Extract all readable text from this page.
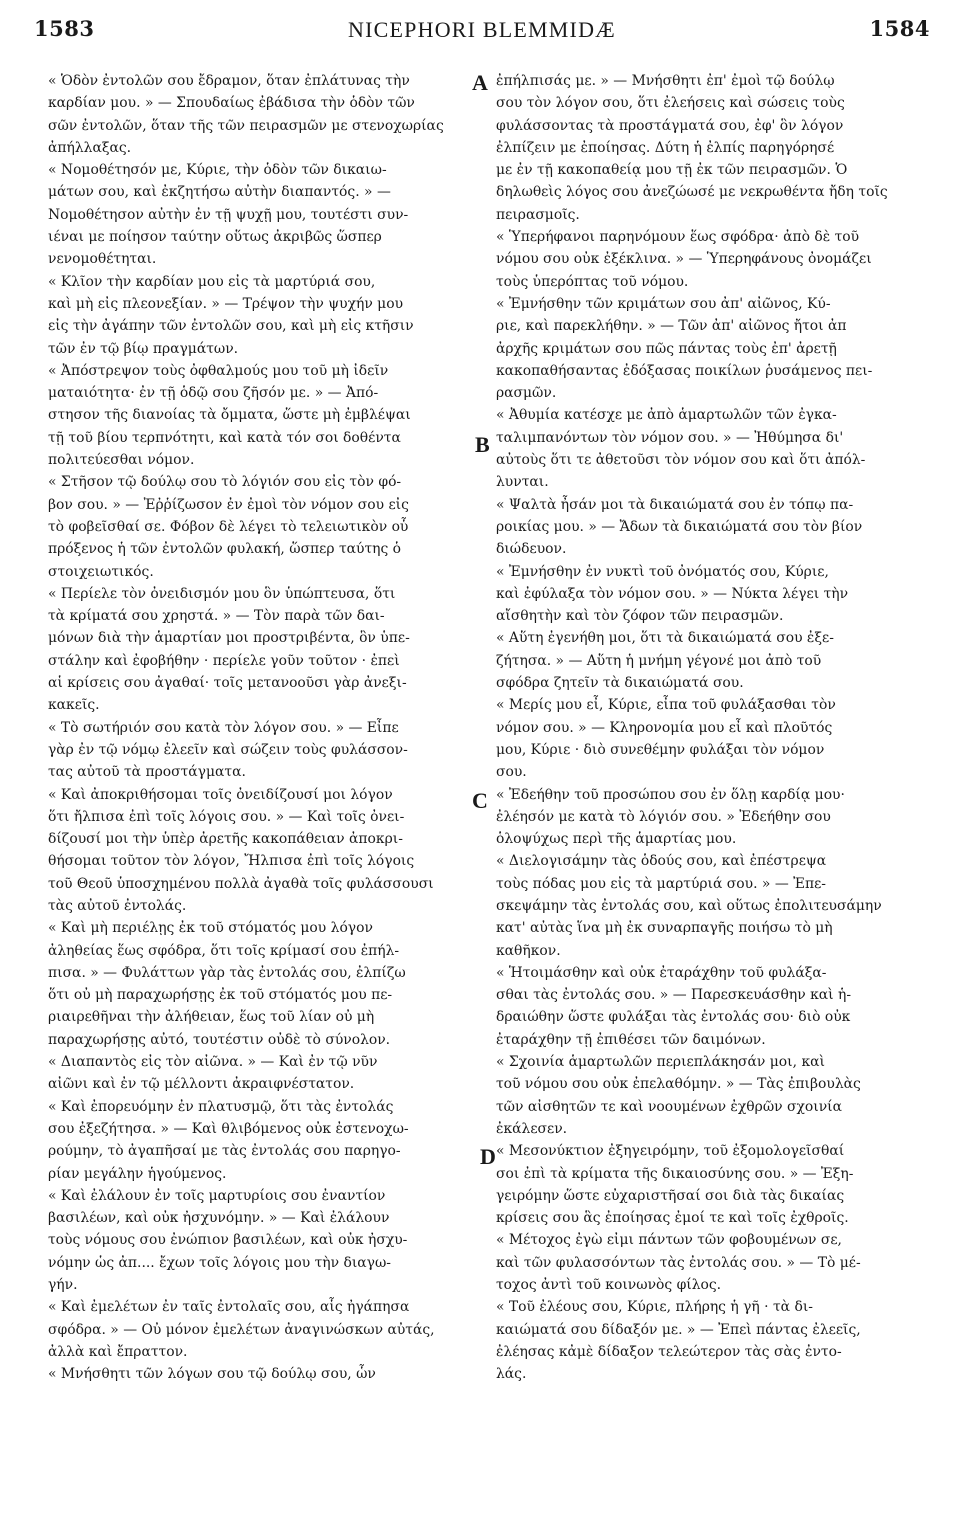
1583	NICEPHORI BLEMMIDÆ	1584

« Ὁδὸν ἐντολῶν σου ἔδραμον, ὅταν ἐπλάτυνας τὴν

καρδίαν μου. » — Σπουδαίως ἐβάδισα τὴν ὁδὸν τῶν

σῶν ἐντολῶν, ὅταν τῆς τῶν πειρασμῶν με στενοχωρίας

ἀπήλλαξας.

« Νομοθέτησόν με, Κύριε, τὴν ὁδὸν τῶν δικαιω-

μάτων σου, καὶ ἐκζητήσω αὐτὴν διαπαντός. » —

Νομοθέτησον αὐτὴν ἐν τῇ ψυχῇ μου, τουτέστι συν-

ιέναι με ποίησον ταύτην οὕτως ἀκριβῶς ὥσπερ

νενομοθέτηται.

« Κλῖον τὴν καρδίαν μου εἰς τὰ μαρτύριά σου,

καὶ μὴ εἰς πλεονεξίαν. » — Τρέψον τὴν ψυχήν μου

εἰς τὴν ἀγάπην τῶν ἐντολῶν σου, καὶ μὴ εἰς κτῆσιν

τῶν ἐν τῷ βίῳ πραγμάτων.

« Ἀπόστρεψον τοὺς ὀφθαλμούς μου τοῦ μὴ ἰδεῖν

ματαιότητα· ἐν τῇ ὁδῷ σου ζῆσόν με. » — Ἀπό-

στησον τῆς διανοίας τὰ ὄμματα, ὥστε μὴ ἐμβλέψαι

τῇ τοῦ βίου τερπνότητι, καὶ κατὰ τόν σοι δοθέντα

πολιτεύεσθαι νόμον.

« Στῆσον τῷ δούλῳ σου τὸ λόγιόν σου εἰς τὸν φό-

βον σου. » — Ἐῤῥίζωσον ἐν ἐμοὶ τὸν νόμον σου εἰς

τὸ φοβεῖσθαί σε. Φόβον δὲ λέγει τὸ τελειωτικὸν οὗ

πρόξενος ἡ τῶν ἐντολῶν φυλακή, ὥσπερ ταύτης ὁ

στοιχειωτικός.

« Περίελε τὸν ὀνειδισμόν μου ὃν ὑπώπτευσα, ὅτι

τὰ κρίματά σου χρηστά. » — Τὸν παρὰ τῶν δαι-

μόνων διὰ τὴν ἁμαρτίαν μοι προστριβέντα, ὃν ὑπε-

στάλην καὶ ἐφοβήθην · περίελε γοῦν τοῦτον · ἐπεὶ

αἱ κρίσεις σου ἀγαθαί· τοῖς μετανοοῦσι γὰρ ἀνεξι-

κακεῖς.

« Τὸ σωτήριόν σου κατὰ τὸν λόγον σου. » — Εἶπε

γὰρ ἐν τῷ νόμῳ ἐλεεῖν καὶ σώζειν τοὺς φυλάσσον-

τας αὐτοῦ τὰ προστάγματα.

« Καὶ ἀποκριθήσομαι τοῖς ὀνειδίζουσί μοι λόγον

ὅτι ἤλπισα ἐπὶ τοῖς λόγοις σου. » — Καὶ τοῖς ὀνει-

δίζουσί μοι τὴν ὑπὲρ ἀρετῆς κακοπάθειαν ἀποκρι-

θήσομαι τοῦτον τὸν λόγον, Ἤλπισα ἐπὶ τοῖς λόγοις

τοῦ Θεοῦ ὑποσχημένου πολλὰ ἀγαθὰ τοῖς φυλάσσουσι

τὰς αὐτοῦ ἐντολάς.

« Καὶ μὴ περιέλῃς ἐκ τοῦ στόματός μου λόγον

ἀληθείας ἕως σφόδρα, ὅτι τοῖς κρίμασί σου ἐπήλ-

πισα. » — Φυλάττων γὰρ τὰς ἐντολάς σου, ἐλπίζω

ὅτι οὐ μὴ παραχωρήσῃς ἐκ τοῦ στόματός μου πε-

ριαιρεθῆναι τὴν ἀλήθειαν, ἕως τοῦ λίαν οὐ μὴ

παραχωρήσῃς αὐτό, τουτέστιν οὐδὲ τὸ σύνολον.

« Διαπαντὸς εἰς τὸν αἰῶνα. » — Καὶ ἐν τῷ νῦν

αἰῶνι καὶ ἐν τῷ μέλλοντι ἀκραιφνέστατον.

« Καὶ ἐπορευόμην ἐν πλατυσμῷ, ὅτι τὰς ἐντολάς

σου ἐξεζήτησα. » — Καὶ θλιβόμενος οὐκ ἐστενοχω-

ρούμην, τὸ ἀγαπῆσαί με τὰς ἐντολάς σου παρηγο-

ρίαν μεγάλην ἡγούμενος.

« Καὶ ἐλάλουν ἐν τοῖς μαρτυρίοις σου ἐναντίον

βασιλέων, καὶ οὐκ ἠσχυνόμην. » — Καὶ ἐλάλουν

τοὺς νόμους σου ἐνώπιον βασιλέων, καὶ οὐκ ἠσχυ-

νόμην ὡς ἀπ.... ἔχων τοῖς λόγοις μου τὴν διαγω-

γήν.

« Καὶ ἐμελέτων ἐν ταῖς ἐντολαῖς σου, αἷς ἠγάπησα

σφόδρα. » — Οὐ μόνον ἐμελέτων ἀναγινώσκων αὐτάς,

ἀλλὰ καὶ ἔπραττον.

« Μνήσθητι τῶν λόγων σου τῷ δούλῳ σου, ὧν

ἐπήλπισάς με. » — Μνήσθητι ἐπ' ἐμοὶ τῷ δούλῳ

σου τὸν λόγον σου, ὅτι ἐλεήσεις καὶ σώσεις τοὺς

φυλάσσοντας τὰ προστάγματά σου, ἐφ' ὃν λόγον

ἐλπίζειν με ἐποίησας. Δύτη ἡ ἐλπίς παρηγόρησέ

με ἐν τῇ κακοπαθείᾳ μου τῇ ἐκ τῶν πειρασμῶν. Ὁ

δηλωθεὶς λόγος σου ἀνεζώωσέ με νεκρωθέντα ἤδη τοῖς

πειρασμοῖς.

« Ὑπερήφανοι παρηνόμουν ἕως σφόδρα· ἀπὸ δὲ τοῦ

νόμου σου οὐκ ἐξέκλινα. » — Ὑπερηφάνους ὀνομάζει

τοὺς ὑπερόπτας τοῦ νόμου.

« Ἐμνήσθην τῶν κριμάτων σου ἀπ' αἰῶνος, Κύ-

ριε, καὶ παρεκλήθην. » — Τῶν ἀπ' αἰῶνος ἤτοι ἀπ

ἀρχῆς κριμάτων σου πῶς πάντας τοὺς ἐπ' ἀρετῇ

κακοπαθήσαντας ἐδόξασας ποικίλων ῥυσάμενος πει-

ρασμῶν.

« Ἀθυμία κατέσχε με ἀπὸ ἁμαρτωλῶν τῶν ἐγκα-

ταλιμπανόντων τὸν νόμον σου. » — Ἠθύμησα δι'

αὐτοὺς ὅτι τε ἀθετοῦσι τὸν νόμον σου καὶ ὅτι ἀπόλ-

λυνται.

« Ψαλτὰ ἦσάν μοι τὰ δικαιώματά σου ἐν τόπῳ πα-

ροικίας μου. » — Ἄδων τὰ δικαιώματά σου τὸν βίον

διώδευον.

« Ἐμνήσθην ἐν νυκτὶ τοῦ ὀνόματός σου, Κύριε,

καὶ ἐφύλαξα τὸν νόμον σου. » — Νύκτα λέγει τὴν

αἴσθητὴν καὶ τὸν ζόφον τῶν πειρασμῶν.

« Αὕτη ἐγενήθη μοι, ὅτι τὰ δικαιώματά σου ἐξε-

ζήτησα. » — Αὕτη ἡ μνήμη γέγονέ μοι ἀπὸ τοῦ

σφόδρα ζητεῖν τὰ δικαιώματά σου.

« Μερίς μου εἶ, Κύριε, εἶπα τοῦ φυλάξασθαι τὸν

νόμον σου. » — Κληρονομία μου εἶ καὶ πλοῦτός

μου, Κύριε · διὸ συνεθέμην φυλάξαι τὸν νόμον

σου.

« Ἐδεήθην τοῦ προσώπου σου ἐν ὅλῃ καρδίᾳ μου·

ἐλέησόν με κατὰ τὸ λόγιόν σου. » Ἐδεήθην σου

ὁλοψύχως περὶ τῆς ἁμαρτίας μου.

« Διελογισάμην τὰς ὁδούς σου, καὶ ἐπέστρεψα

τοὺς πόδας μου εἰς τὰ μαρτύριά σου. » — Ἐπε-

σκεψάμην τὰς ἐντολάς σου, καὶ οὕτως ἐπολιτευσάμην

κατ' αὐτὰς ἵνα μὴ ἐκ συναρπαγῆς ποιήσω τὸ μὴ

καθῆκον.

« Ἡτοιμάσθην καὶ οὐκ ἐταράχθην τοῦ φυλάξα-

σθαι τὰς ἐντολάς σου. » — Παρεσκευάσθην καὶ ἡ-

δραιώθην ὥστε φυλάξαι τὰς ἐντολάς σου· διὸ οὐκ

ἐταράχθην τῇ ἐπιθέσει τῶν δαιμόνων.

« Σχοινία ἁμαρτωλῶν περιεπλάκησάν μοι, καὶ

τοῦ νόμου σου οὐκ ἐπελαθόμην. » — Τὰς ἐπιβουλὰς

τῶν αἰσθητῶν τε καὶ νοουμένων ἐχθρῶν σχοινία

ἐκάλεσεν.

« Μεσονύκτιον ἐξηγειρόμην, τοῦ ἐξομολογεῖσθαί

σοι ἐπὶ τὰ κρίματα τῆς δικαιοσύνης σου. » — Ἐξη-

γειρόμην ὥστε εὐχαριστῆσαί σοι διὰ τὰς δικαίας

κρίσεις σου ἃς ἐποίησας ἐμοί τε καὶ τοῖς ἐχθροῖς.

« Μέτοχος ἐγὼ εἰμι πάντων τῶν φοβουμένων σε,

καὶ τῶν φυλασσόντων τὰς ἐντολάς σου. » — Τὸ μέ-

τοχος ἀντὶ τοῦ κοινωνὸς φίλος.

« Τοῦ ἐλέους σου, Κύριε, πλήρης ἡ γῆ · τὰ δι-

καιώματά σου δίδαξόν με. » — Ἐπεὶ πάντας ἐλεεῖς,

ἐλέησας κἀμὲ δίδαξον τελεώτερον τὰς σὰς ἐντο-

λάς.

A
B
C
D
